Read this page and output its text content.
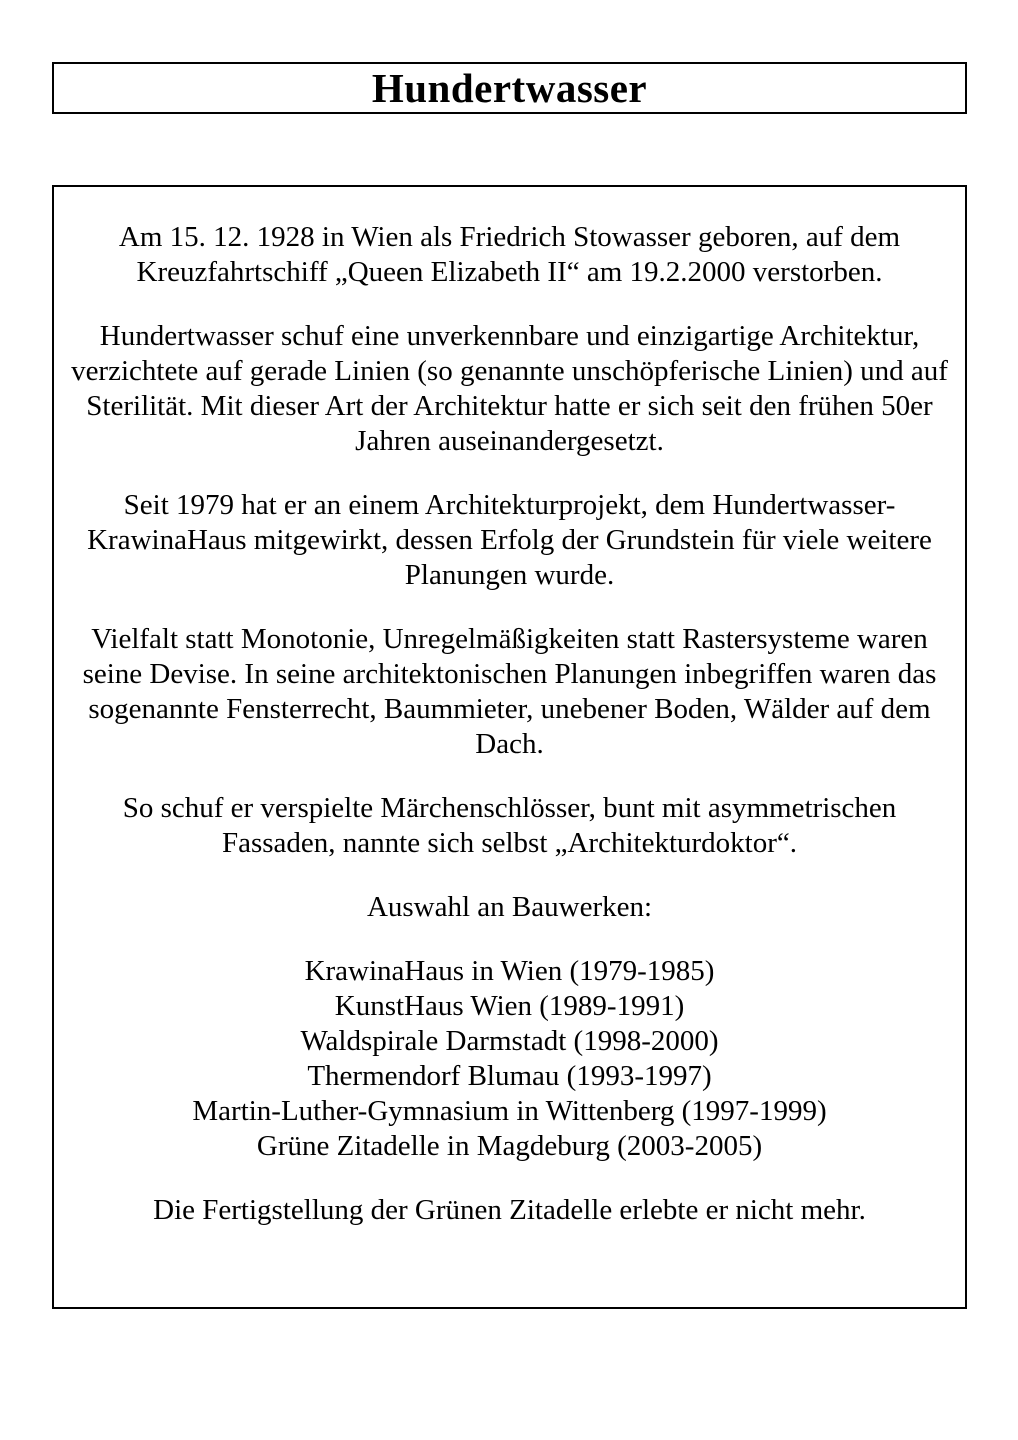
Hundertwasser

Am 15. 12. 1928 in Wien als Friedrich Stowasser geboren, auf dem Kreuzfahrtschiff „Queen Elizabeth II“ am 19.2.2000 verstorben.

Hundertwasser schuf eine unverkennbare und einzigartige Architektur, verzichtete auf gerade Linien (so genannte unschöpferische Linien) und auf Sterilität. Mit dieser Art der Architektur hatte er sich seit den frühen 50er Jahren auseinandergesetzt.

Seit 1979 hat er an einem Architekturprojekt, dem Hundertwasser-KrawinaHaus mitgewirkt, dessen Erfolg der Grundstein für viele weitere Planungen wurde.

Vielfalt statt Monotonie, Unregelmäßigkeiten statt Rastersysteme waren seine Devise. In seine architektonischen Planungen inbegriffen waren das sogenannte Fensterrecht, Baummieter, unebener Boden, Wälder auf dem Dach.

So schuf er verspielte Märchenschlösser, bunt mit asymmetrischen Fassaden, nannte sich selbst „Architekturdoktor“.

Auswahl an Bauwerken:

KrawinaHaus in Wien (1979-1985)
KunstHaus Wien (1989-1991)
Waldspirale Darmstadt (1998-2000)
Thermendorf Blumau (1993-1997)
Martin-Luther-Gymnasium in Wittenberg (1997-1999)
Grüne Zitadelle in Magdeburg (2003-2005)

Die Fertigstellung der Grünen Zitadelle erlebte er nicht mehr.
